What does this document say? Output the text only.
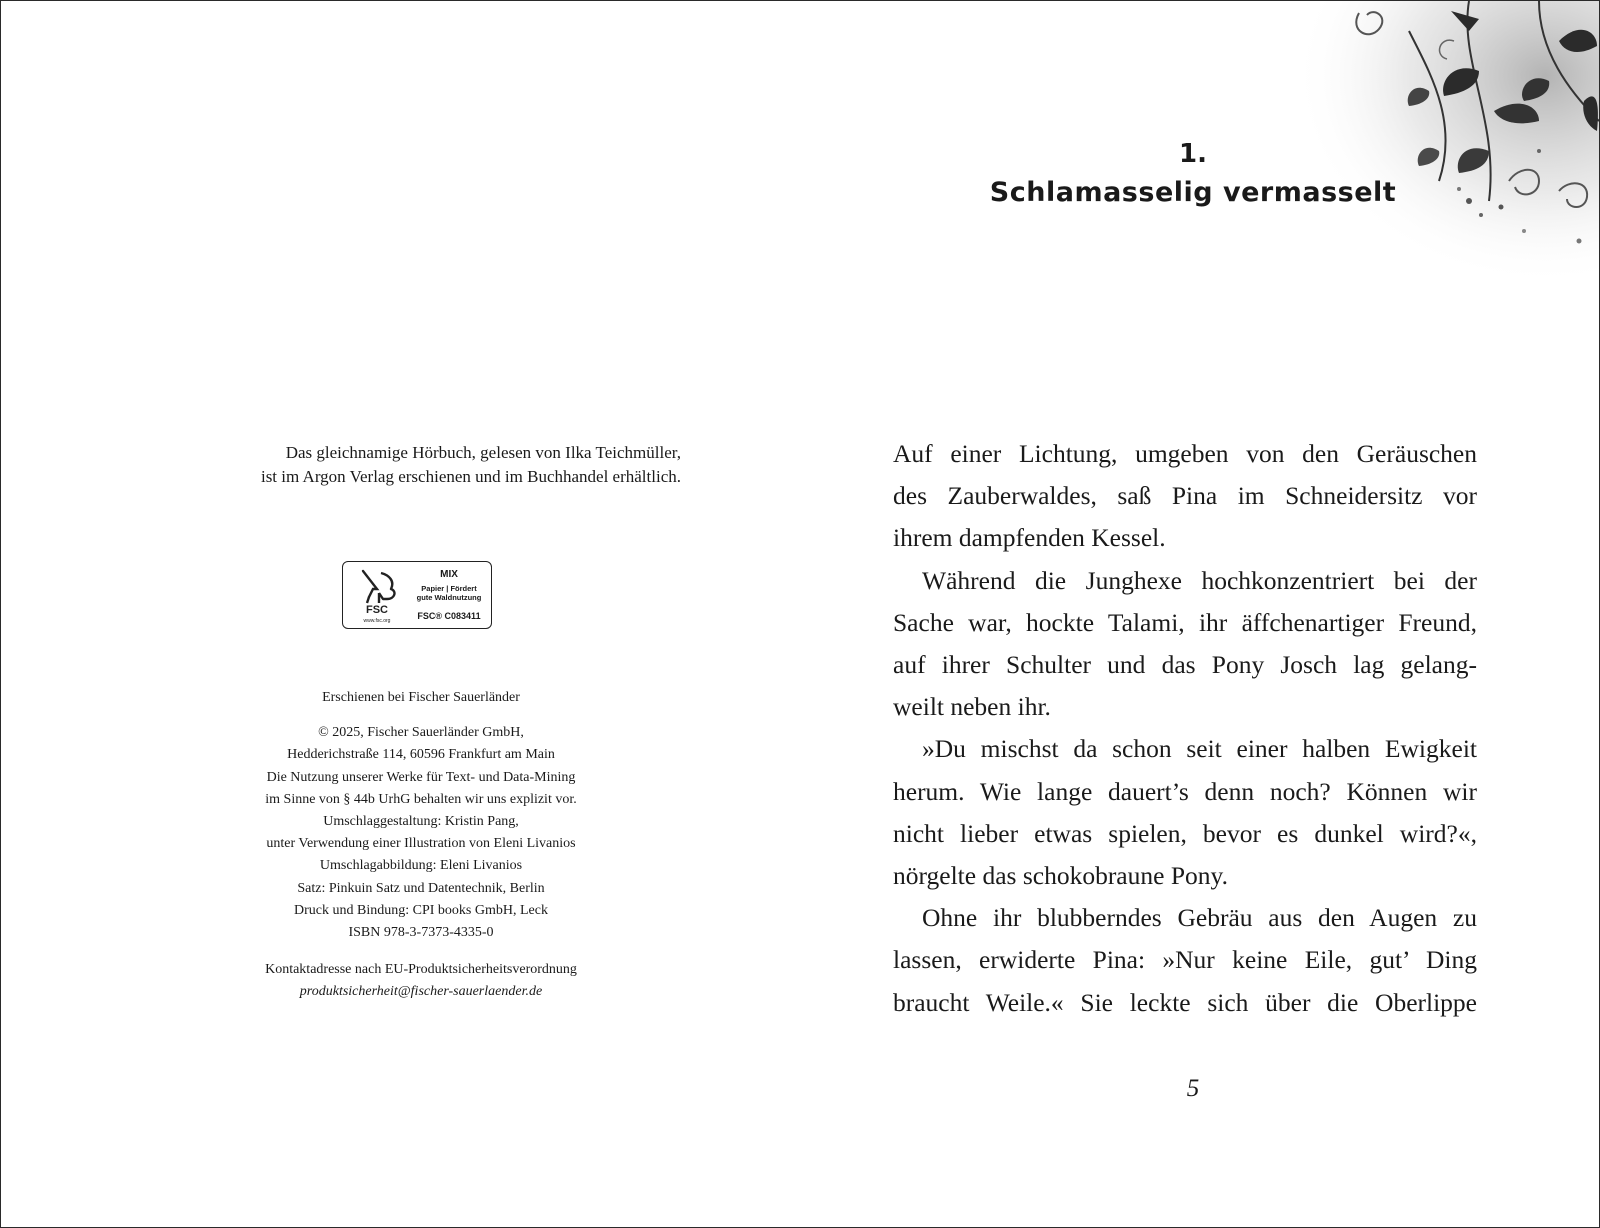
Das gleichnamige Hörbuch, gelesen von Ilka Teichmüller,
ist im Argon Verlag erschienen und im Buchhandel erhältlich.
FSC
www.fsc.org
MIX
Papier | Fördert
gute Waldnutzung
FSC® C083411
Erschienen bei Fischer Sauerländer
© 2025, Fischer Sauerländer GmbH,
Hedderichstraße 114, 60596 Frankfurt am Main
Die Nutzung unserer Werke für Text- und Data-Mining
im Sinne von § 44b UrhG behalten wir uns explizit vor.
Umschlaggestaltung: Kristin Pang,
unter Verwendung einer Illustration von Eleni Livanios
Umschlagabbildung: Eleni Livanios
Satz: Pinkuin Satz und Datentechnik, Berlin
Druck und Bindung: CPI books GmbH, Leck
ISBN 978-3-7373-4335-0
Kontaktadresse nach EU-Produktsicherheitsverordnung
produktsicherheit@fischer-sauerlaender.de
1.
Schlamasselig vermasselt
Auf einer Lichtung, umgeben von den Geräuschen
des Zauberwaldes, saß Pina im Schneidersitz vor
ihrem dampfenden Kessel.
Während die Junghexe hochkonzentriert bei der
Sache war, hockte Talami, ihr äffchenartiger Freund,
auf ihrer Schulter und das Pony Josch lag gelang-
weilt neben ihr.
»Du mischst da schon seit einer halben Ewigkeit
herum. Wie lange dauert’s denn noch? Können wir
nicht lieber etwas spielen, bevor es dunkel wird?«,
nörgelte das schokobraune Pony.
Ohne ihr blubberndes Gebräu aus den Augen zu
lassen, erwiderte Pina: »Nur keine Eile, gut’ Ding
braucht Weile.« Sie leckte sich über die Oberlippe
5
